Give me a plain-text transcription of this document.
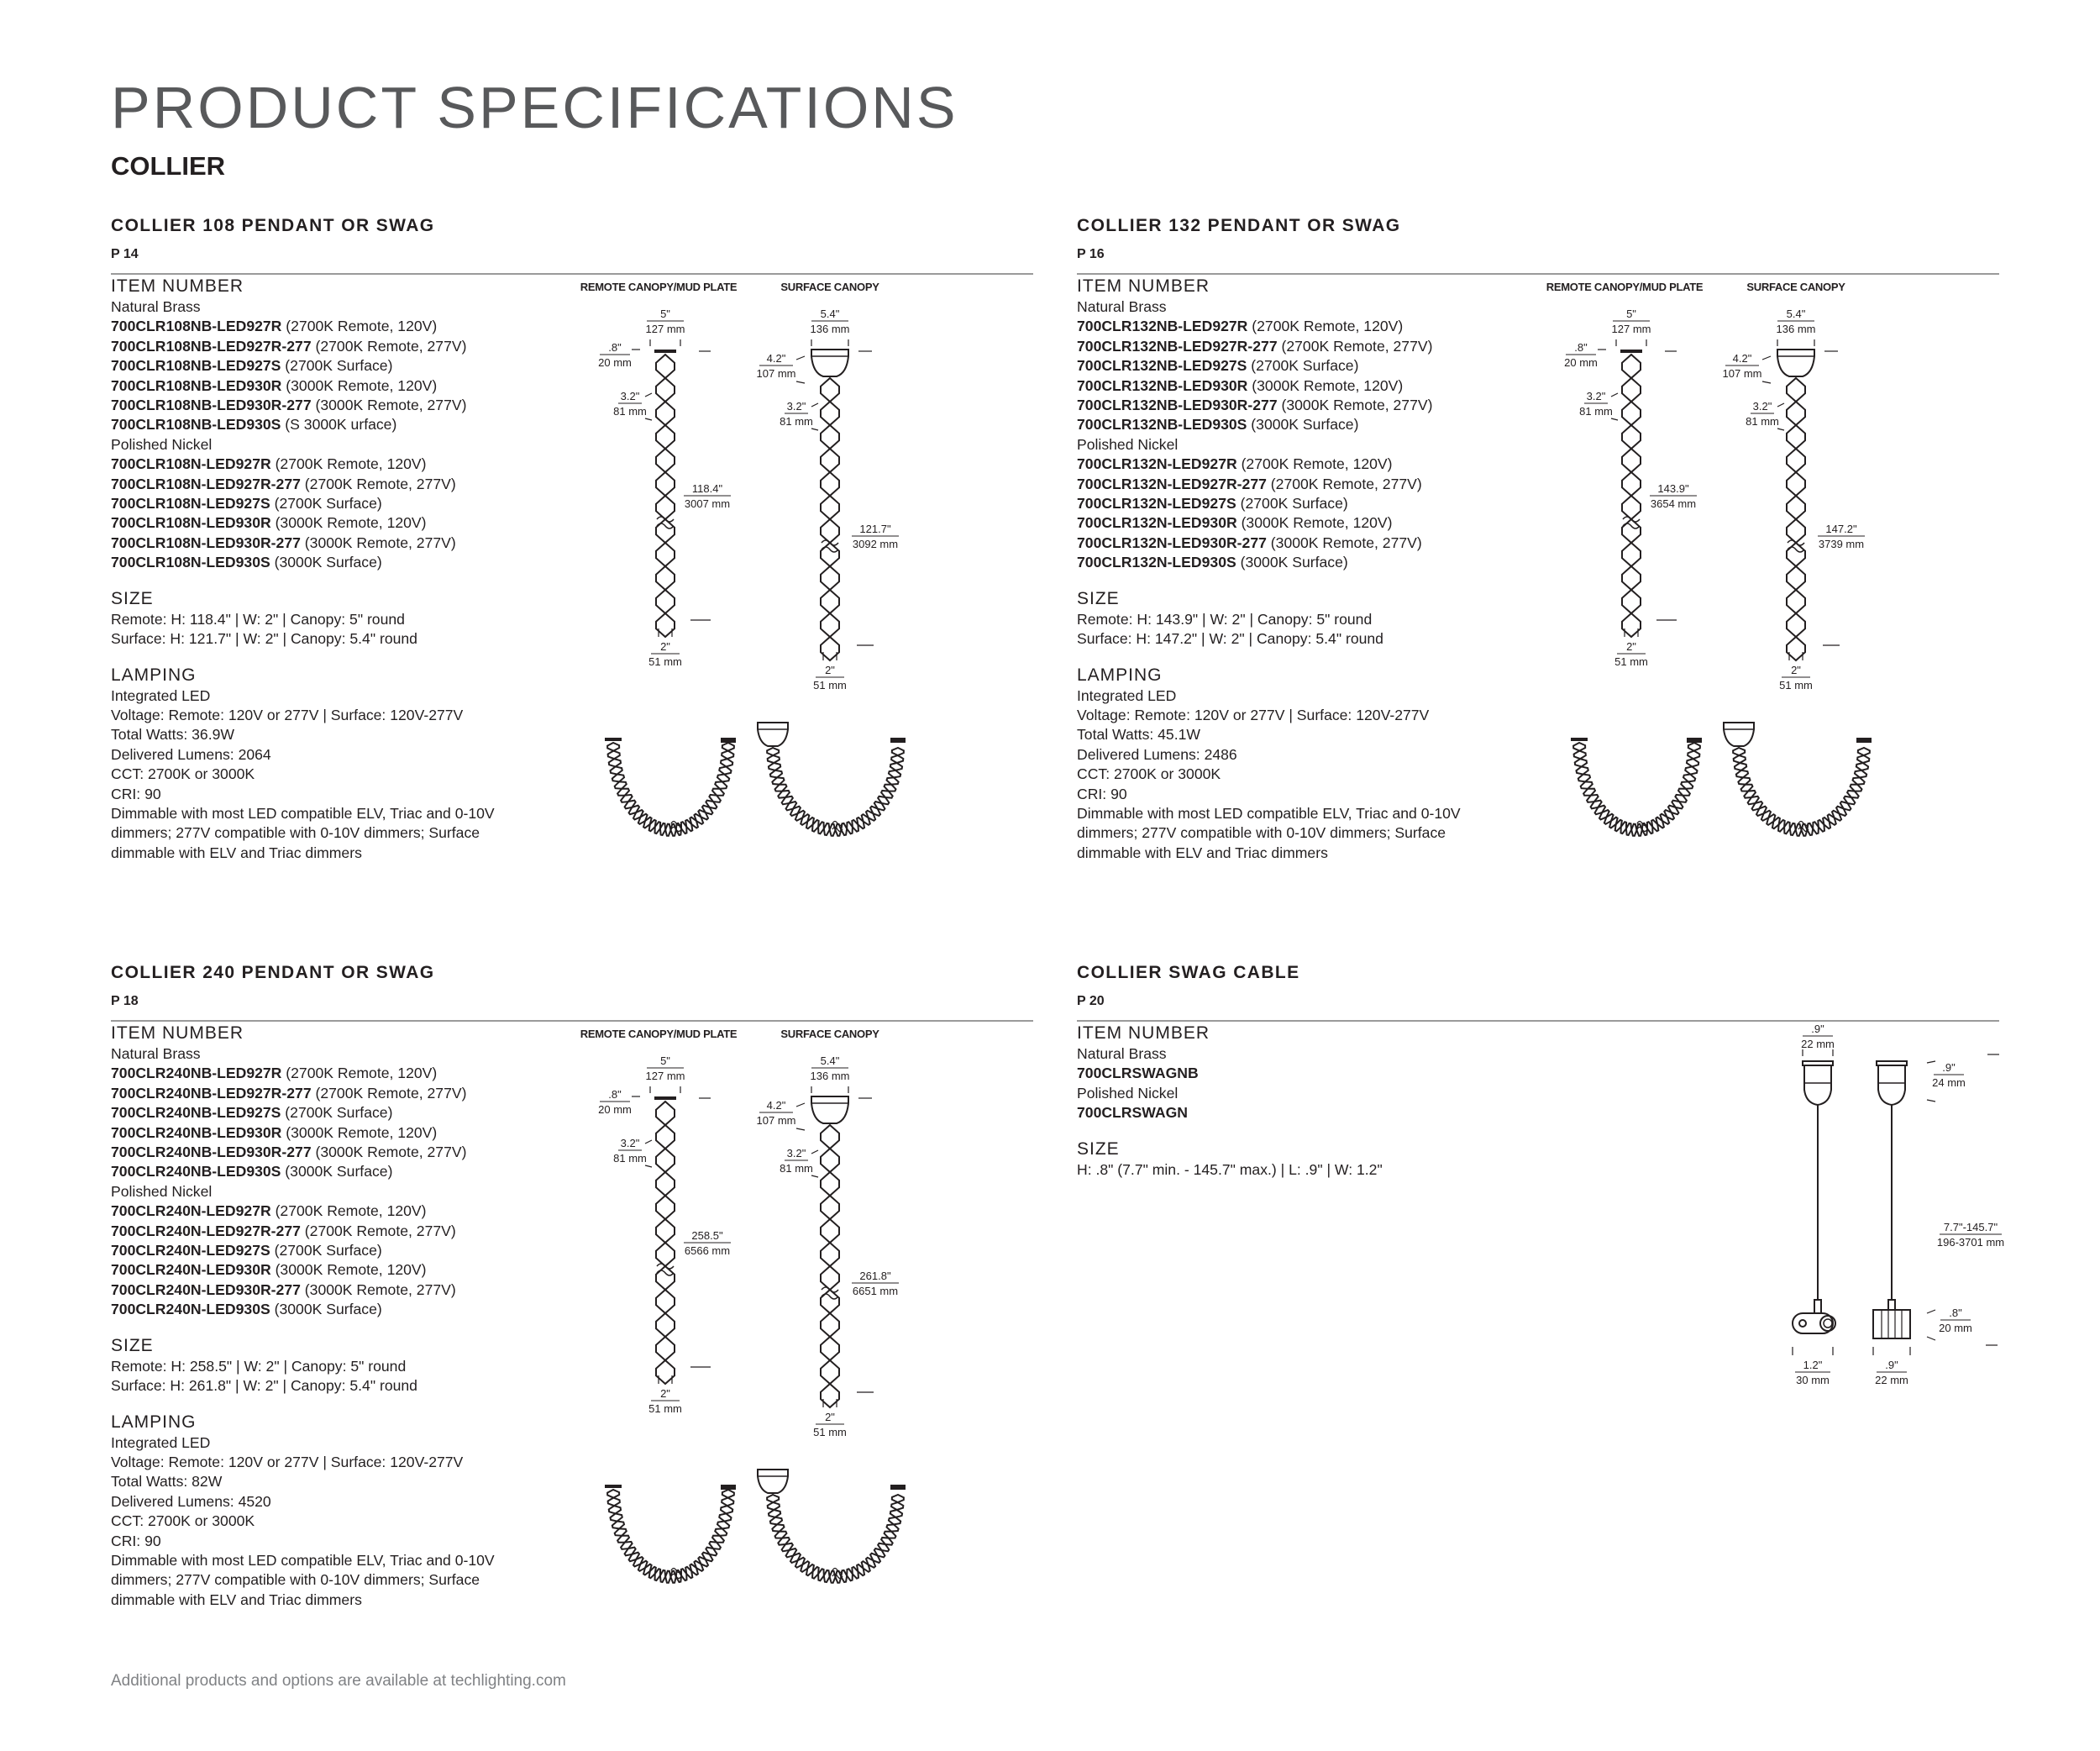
PRODUCT SPECIFICATIONS
COLLIER
COLLIER 108 PENDANT OR SWAG
P 14
ITEM NUMBER
Natural Brass
700CLR108NB-LED927R (2700K Remote, 120V)
700CLR108NB-LED927R-277 (2700K Remote, 277V)
700CLR108NB-LED927S (2700K Surface)
700CLR108NB-LED930R (3000K Remote, 120V)
700CLR108NB-LED930R-277 (3000K Remote, 277V)
700CLR108NB-LED930S (S 3000K urface)
Polished Nickel
700CLR108N-LED927R (2700K Remote, 120V)
700CLR108N-LED927R-277 (2700K Remote, 277V)
700CLR108N-LED927S (2700K Surface)
700CLR108N-LED930R (3000K Remote, 120V)
700CLR108N-LED930R-277 (3000K Remote, 277V)
700CLR108N-LED930S (3000K Surface)
SIZE
Remote: H: 118.4" | W: 2" | Canopy: 5" round
Surface: H: 121.7" | W: 2" | Canopy: 5.4" round
LAMPING
Integrated LED
Voltage: Remote: 120V or 277V | Surface: 120V-277V
Total Watts: 36.9W
Delivered Lumens: 2064
CCT: 2700K or 3000K
CRI: 90
Dimmable with most LED compatible ELV, Triac and 0-10V
dimmers; 277V compatible with 0-10V dimmers; Surface
dimmable with ELV and Triac dimmers
REMOTE CANOPY/MUD PLATE	SURFACE CANOPY
5"
127 mm
.8"
20 mm
3.2"
81 mm
118.4"
3007 mm
2"
51 mm
5.4"
136 mm
4.2"
107 mm
3.2"
81 mm
121.7"
3092 mm
2"
51 mm
COLLIER 132 PENDANT OR SWAG
P 16
ITEM NUMBER
Natural Brass
700CLR132NB-LED927R (2700K Remote, 120V)
700CLR132NB-LED927R-277 (2700K Remote, 277V)
700CLR132NB-LED927S (2700K Surface)
700CLR132NB-LED930R (3000K Remote, 120V)
700CLR132NB-LED930R-277 (3000K Remote, 277V)
700CLR132NB-LED930S (3000K Surface)
Polished Nickel
700CLR132N-LED927R (2700K Remote, 120V)
700CLR132N-LED927R-277 (2700K Remote, 277V)
700CLR132N-LED927S (2700K Surface)
700CLR132N-LED930R (3000K Remote, 120V)
700CLR132N-LED930R-277 (3000K Remote, 277V)
700CLR132N-LED930S (3000K Surface)
SIZE
Remote: H: 143.9" | W: 2" | Canopy: 5" round
Surface: H: 147.2" | W: 2" | Canopy: 5.4" round
LAMPING
Integrated LED
Voltage: Remote: 120V or 277V | Surface: 120V-277V
Total Watts: 45.1W
Delivered Lumens: 2486
CCT: 2700K or 3000K
CRI: 90
Dimmable with most LED compatible ELV, Triac and 0-10V
dimmers; 277V compatible with 0-10V dimmers; Surface
dimmable with ELV and Triac dimmers
REMOTE CANOPY/MUD PLATE	SURFACE CANOPY
5"
127 mm
.8"
20 mm
3.2"
81 mm
143.9"
3654 mm
2"
51 mm
5.4"
136 mm
4.2"
107 mm
3.2"
81 mm
147.2"
3739 mm
2"
51 mm
COLLIER 240 PENDANT OR SWAG
P 18
ITEM NUMBER
Natural Brass
700CLR240NB-LED927R (2700K Remote, 120V)
700CLR240NB-LED927R-277 (2700K Remote, 277V)
700CLR240NB-LED927S (2700K Surface)
700CLR240NB-LED930R (3000K Remote, 120V)
700CLR240NB-LED930R-277 (3000K Remote, 277V)
700CLR240NB-LED930S (3000K Surface)
Polished Nickel
700CLR240N-LED927R (2700K Remote, 120V)
700CLR240N-LED927R-277 (2700K Remote, 277V)
700CLR240N-LED927S (2700K Surface)
700CLR240N-LED930R (3000K Remote, 120V)
700CLR240N-LED930R-277 (3000K Remote, 277V)
700CLR240N-LED930S (3000K Surface)
SIZE
Remote: H: 258.5" | W: 2" | Canopy: 5" round
Surface: H: 261.8" | W: 2" | Canopy: 5.4" round
LAMPING
Integrated LED
Voltage: Remote: 120V or 277V | Surface: 120V-277V
Total Watts: 82W
Delivered Lumens: 4520
CCT: 2700K or 3000K
CRI: 90
Dimmable with most LED compatible ELV, Triac and 0-10V
dimmers; 277V compatible with 0-10V dimmers; Surface
dimmable with ELV and Triac dimmers
REMOTE CANOPY/MUD PLATE	SURFACE CANOPY
5"
127 mm
.8"
20 mm
3.2"
81 mm
258.5"
6566 mm
2"
51 mm
5.4"
136 mm
4.2"
107 mm
3.2"
81 mm
261.8"
6651 mm
2"
51 mm
COLLIER SWAG CABLE
P 20
ITEM NUMBER
Natural Brass
700CLRSWAGNB
Polished Nickel
700CLRSWAGN
SIZE
H: .8" (7.7" min. - 145.7" max.) | L: .9" | W: 1.2"
.9"
22 mm
.9"
24 mm
7.7"-145.7"
196-3701 mm
.8"
20 mm
1.2"
30 mm
.9"
22 mm
Additional products and options are available at techlighting.com
